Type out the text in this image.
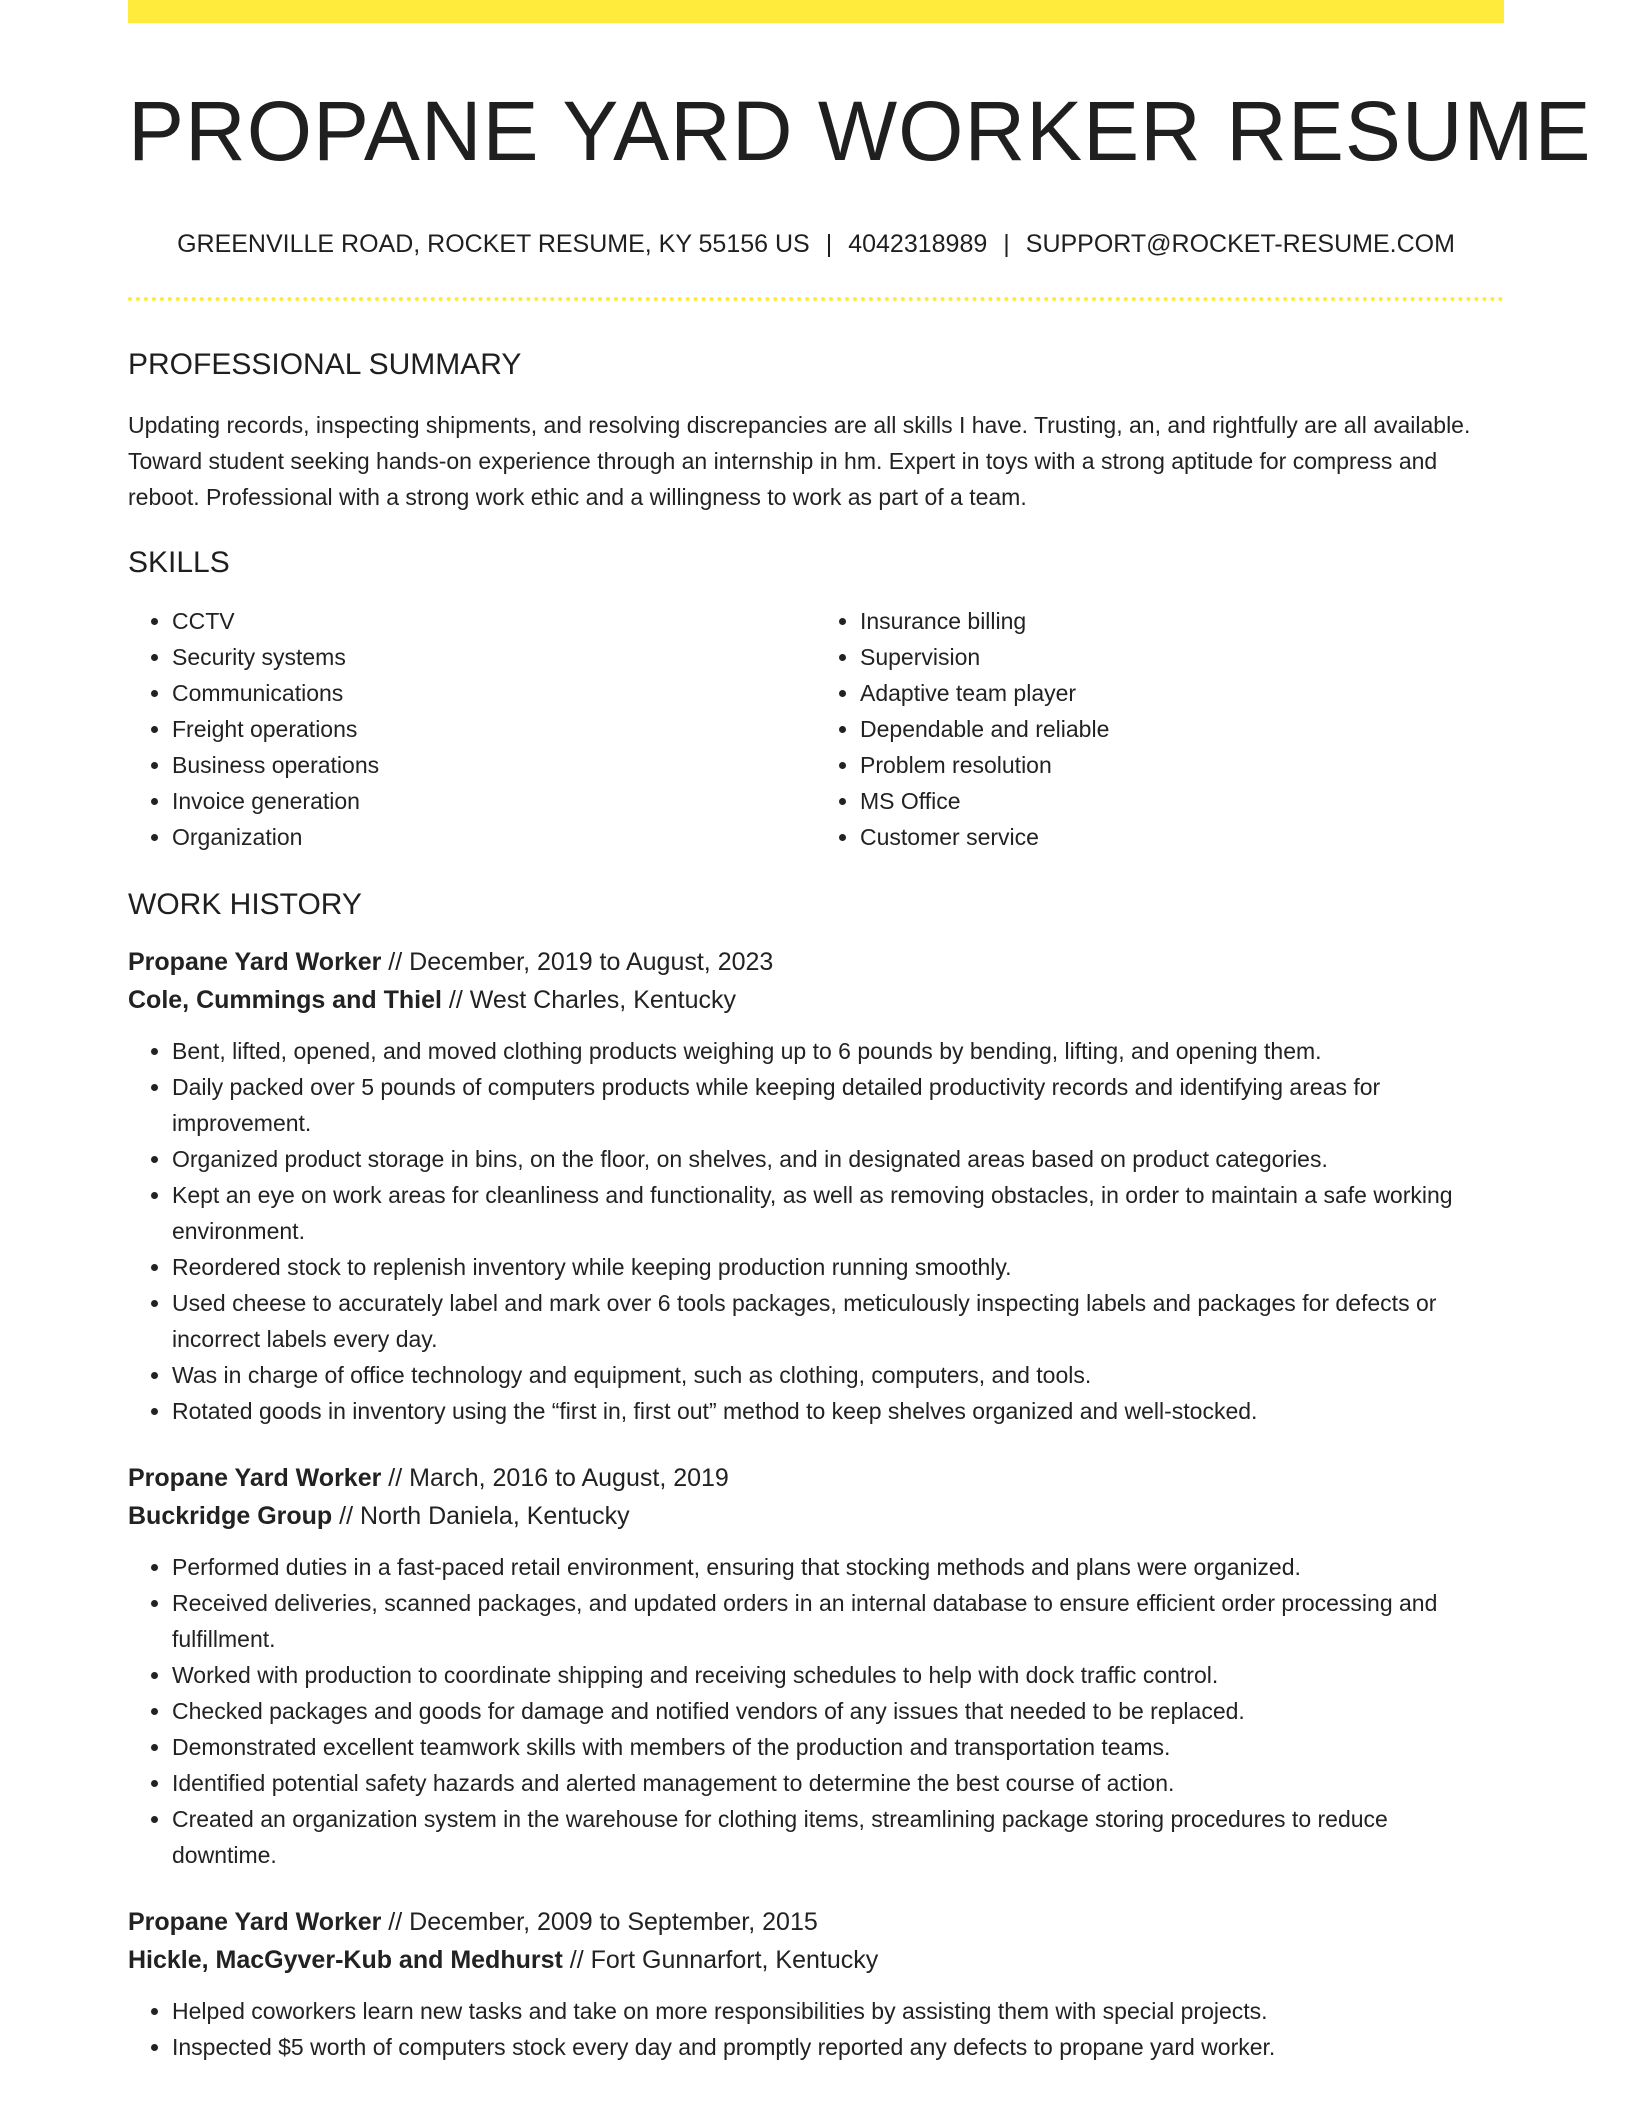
PROPANE YARD WORKER RESUME
GREENVILLE ROAD, ROCKET RESUME, KY 55156 US | 4042318989 | SUPPORT@ROCKET-RESUME.COM
PROFESSIONAL SUMMARY
Updating records, inspecting shipments, and resolving discrepancies are all skills I have. Trusting, an, and rightfully are all available. Toward student seeking hands-on experience through an internship in hm. Expert in toys with a strong aptitude for compress and reboot. Professional with a strong work ethic and a willingness to work as part of a team.
SKILLS
• CCTV
• Security systems
• Communications
• Freight operations
• Business operations
• Invoice generation
• Organization
• Insurance billing
• Supervision
• Adaptive team player
• Dependable and reliable
• Problem resolution
• MS Office
• Customer service
WORK HISTORY
Propane Yard Worker // December, 2019 to August, 2023
Cole, Cummings and Thiel // West Charles, Kentucky
• Bent, lifted, opened, and moved clothing products weighing up to 6 pounds by bending, lifting, and opening them.
• Daily packed over 5 pounds of computers products while keeping detailed productivity records and identifying areas for improvement.
• Organized product storage in bins, on the floor, on shelves, and in designated areas based on product categories.
• Kept an eye on work areas for cleanliness and functionality, as well as removing obstacles, in order to maintain a safe working environment.
• Reordered stock to replenish inventory while keeping production running smoothly.
• Used cheese to accurately label and mark over 6 tools packages, meticulously inspecting labels and packages for defects or incorrect labels every day.
• Was in charge of office technology and equipment, such as clothing, computers, and tools.
• Rotated goods in inventory using the “first in, first out” method to keep shelves organized and well-stocked.
Propane Yard Worker // March, 2016 to August, 2019
Buckridge Group // North Daniela, Kentucky
• Performed duties in a fast-paced retail environment, ensuring that stocking methods and plans were organized.
• Received deliveries, scanned packages, and updated orders in an internal database to ensure efficient order processing and fulfillment.
• Worked with production to coordinate shipping and receiving schedules to help with dock traffic control.
• Checked packages and goods for damage and notified vendors of any issues that needed to be replaced.
• Demonstrated excellent teamwork skills with members of the production and transportation teams.
• Identified potential safety hazards and alerted management to determine the best course of action.
• Created an organization system in the warehouse for clothing items, streamlining package storing procedures to reduce downtime.
Propane Yard Worker // December, 2009 to September, 2015
Hickle, MacGyver-Kub and Medhurst // Fort Gunnarfort, Kentucky
• Helped coworkers learn new tasks and take on more responsibilities by assisting them with special projects.
• Inspected $5 worth of computers stock every day and promptly reported any defects to propane yard worker.
